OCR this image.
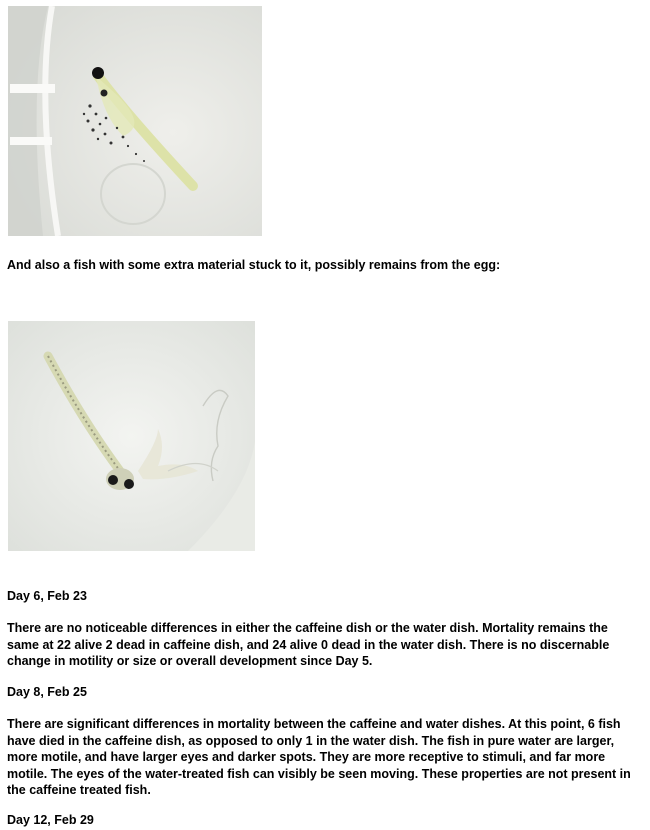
And also a fish with some extra material stuck to it, possibly remains from the egg:

Day 6, Feb 23

There are no noticeable differences in either the caffeine dish or the water dish. Mortality remains the same at 22 alive 2 dead in caffeine dish, and 24 alive 0 dead in the water dish. There is no discernable change in motility or size or overall development since Day 5.

Day 8, Feb 25

There are significant differences in mortality between the caffeine and water dishes. At this point, 6 fish have died in the caffeine dish, as opposed to only 1 in the water dish. The fish in pure water are larger, more motile, and have larger eyes and darker spots. They are more receptive to stimuli, and far more motile. The eyes of the water-treated fish can visibly be seen moving. These properties are not present in the caffeine treated fish.

Day 12, Feb 29
